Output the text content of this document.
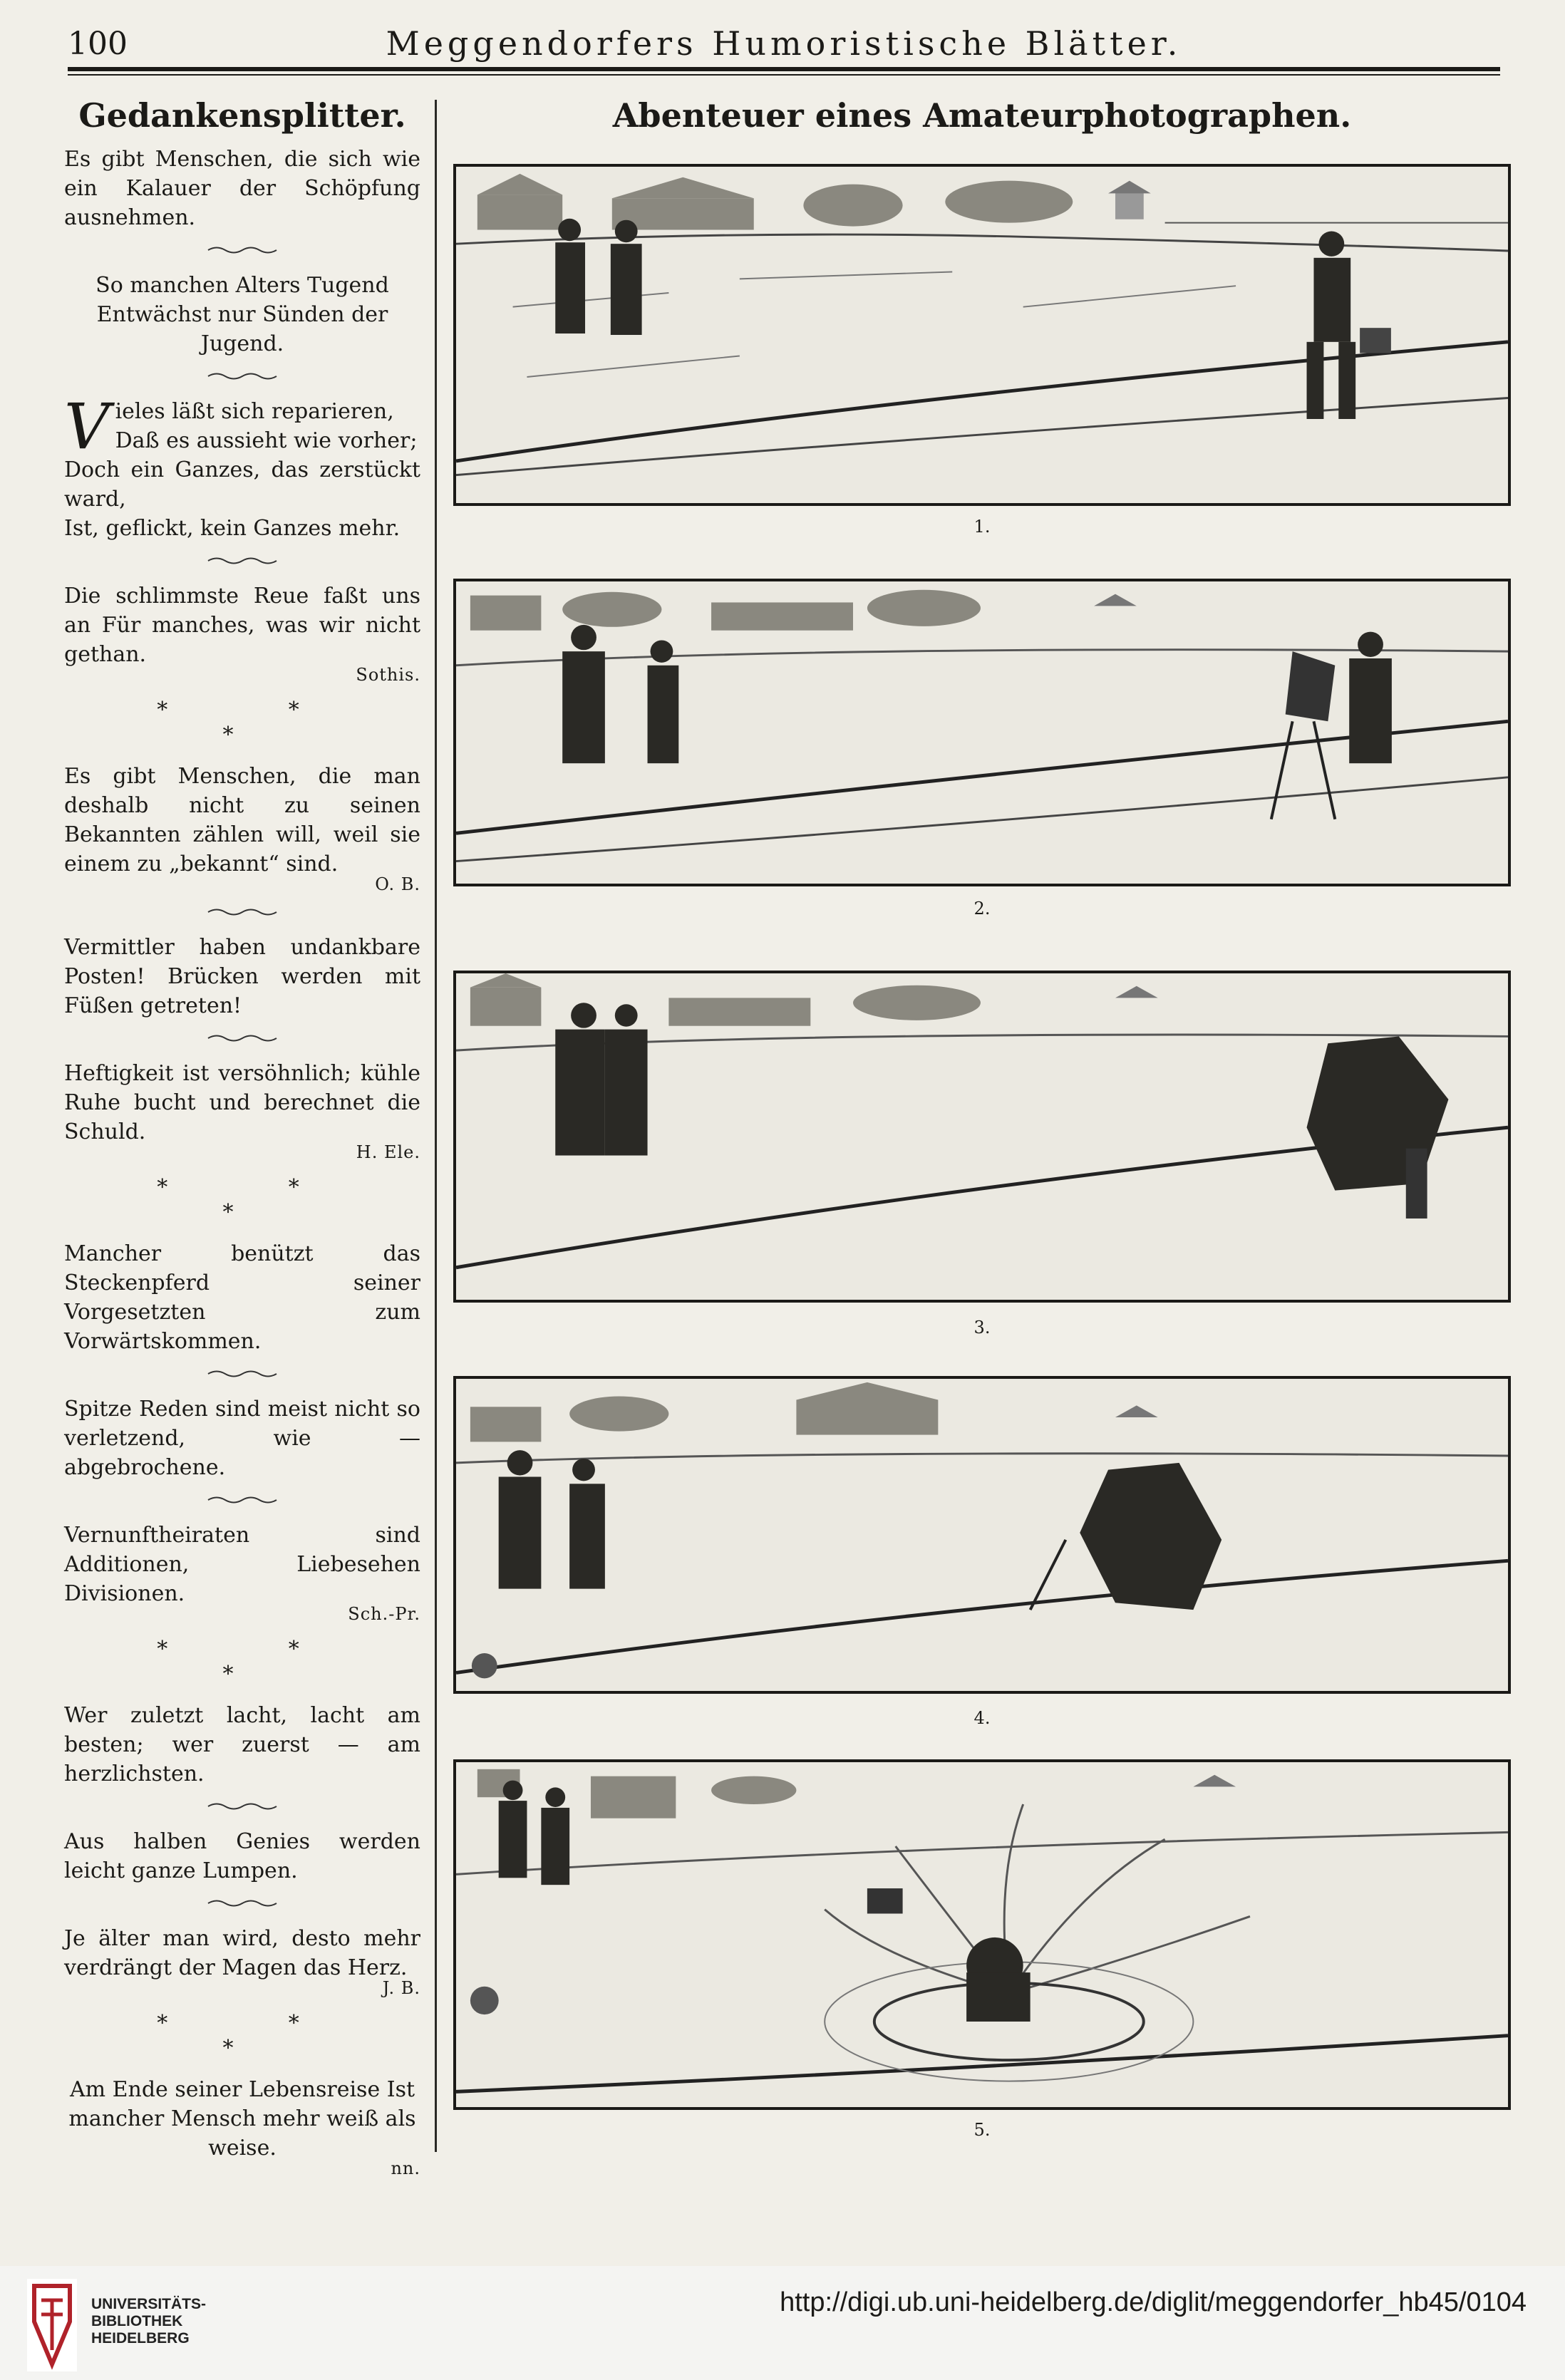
100	Meggendorfers Humoristische Blätter.
Gedankensplitter.

Es gibt Menschen, die sich wie ein Kalauer der Schöpfung ausnehmen.

So manchen Alters Tugend Entwächst nur Sünden der Jugend.

V ieles läßt sich reparieren,
Daß es aussieht wie vorher;
Doch ein Ganzes, das zerstückt ward,
Ist, geflickt, kein Ganzes mehr.

Die schlimmste Reue faßt uns an Für manches, was wir nicht gethan.

Sothis.
* * *

Es gibt Menschen, die man deshalb nicht zu seinen Bekannten zählen will, weil sie einem zu „bekannt“ sind.

O. B.

Vermittler haben undankbare Posten! Brücken werden mit Füßen getreten!

Heftigkeit ist versöhnlich; kühle Ruhe bucht und berechnet die Schuld.

H. Ele.
* * *

Mancher benützt das Steckenpferd seiner Vorgesetzten zum Vorwärtskommen.

Spitze Reden sind meist nicht so verletzend, wie — abgebrochene.

Vernunftheiraten sind Additionen, Liebesehen Divisionen.

Sch.-Pr.
* * *

Wer zuletzt lacht, lacht am besten; wer zuerst — am herzlichsten.

Aus halben Genies werden leicht ganze Lumpen.

Je älter man wird, desto mehr verdrängt der Magen das Herz.

J. B.
* * *

Am Ende seiner Lebensreise Ist mancher Mensch mehr weiß als weise.

nn.
Abenteuer eines Amateurphotographen.
1.
2.
3.
4.
5.
UNIVERSITÄTS-
BIBLIOTHEK
HEIDELBERG
http://digi.ub.uni-heidelberg.de/diglit/meggendorfer_hb45/0104
